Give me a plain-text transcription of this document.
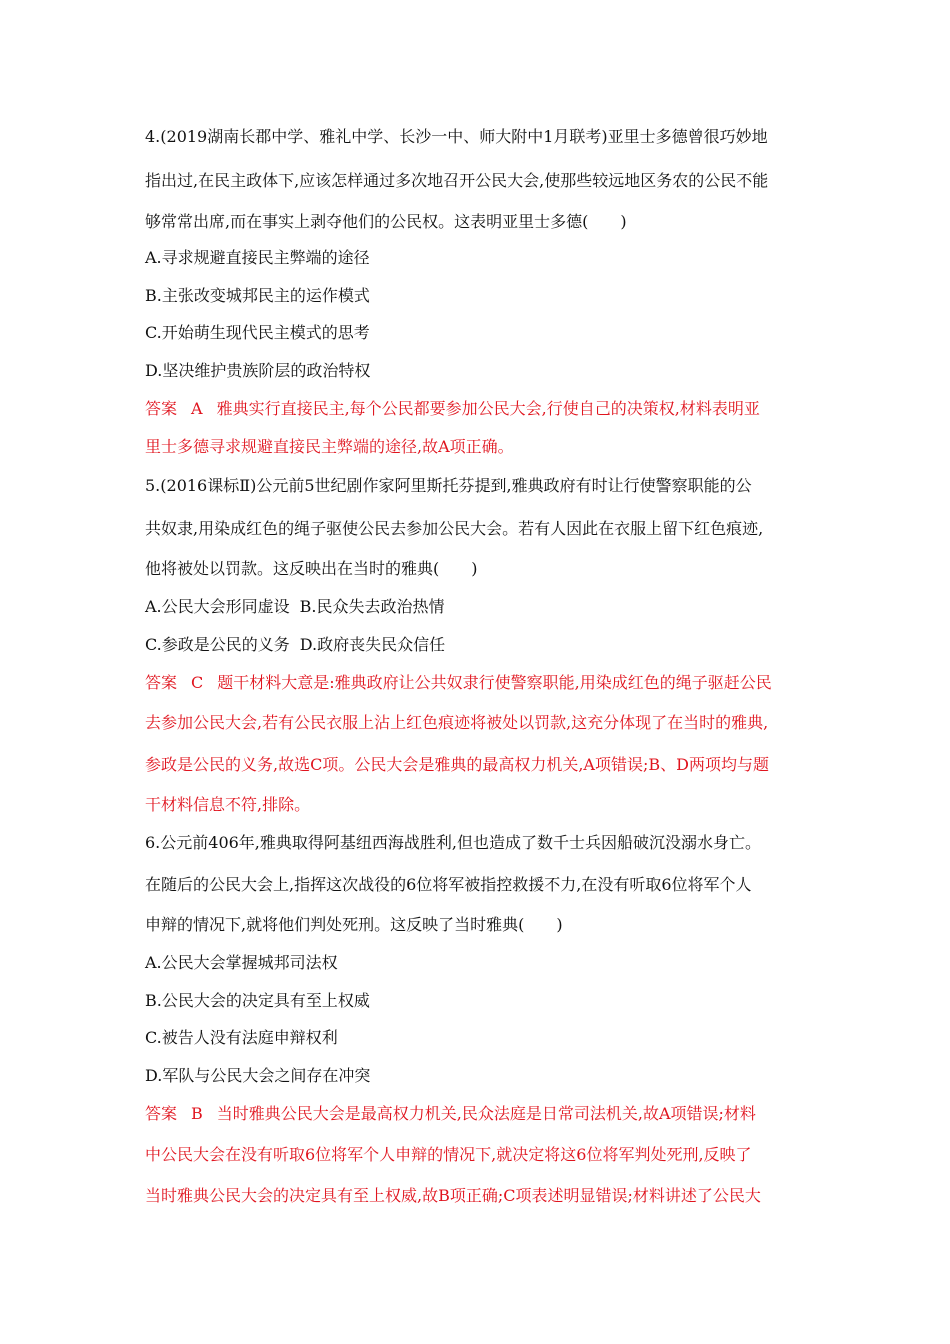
4.(2019湖南长郡中学、雅礼中学、长沙一中、师大附中1月联考)亚里士多德曾很巧妙地
指出过,在民主政体下,应该怎样通过多次地召开公民大会,使那些较远地区务农的公民不能
够常常出席,而在事实上剥夺他们的公民权。这表明亚里士多德(　　)
A.寻求规避直接民主弊端的途径
B.主张改变城邦民主的运作模式
C.开始萌生现代民主模式的思考
D.坚决维护贵族阶层的政治特权
答案 A 雅典实行直接民主,每个公民都要参加公民大会,行使自己的决策权,材料表明亚
里士多德寻求规避直接民主弊端的途径,故A项正确。
5.(2016课标Ⅱ)公元前5世纪剧作家阿里斯托芬提到,雅典政府有时让行使警察职能的公
共奴隶,用染成红色的绳子驱使公民去参加公民大会。若有人因此在衣服上留下红色痕迹,
他将被处以罚款。这反映出在当时的雅典(　　)
A.公民大会形同虚设 B.民众失去政治热情
C.参政是公民的义务 D.政府丧失民众信任
答案 C 题干材料大意是:雅典政府让公共奴隶行使警察职能,用染成红色的绳子驱赶公民
去参加公民大会,若有公民衣服上沾上红色痕迹将被处以罚款,这充分体现了在当时的雅典,
参政是公民的义务,故选C项。公民大会是雅典的最高权力机关,A项错误;B、D两项均与题
干材料信息不符,排除。
6.公元前406年,雅典取得阿基纽西海战胜利,但也造成了数千士兵因船破沉没溺水身亡。
在随后的公民大会上,指挥这次战役的6位将军被指控救援不力,在没有听取6位将军个人
申辩的情况下,就将他们判处死刑。这反映了当时雅典(　　)
A.公民大会掌握城邦司法权
B.公民大会的决定具有至上权威
C.被告人没有法庭申辩权利
D.军队与公民大会之间存在冲突
答案 B 当时雅典公民大会是最高权力机关,民众法庭是日常司法机关,故A项错误;材料
中公民大会在没有听取6位将军个人申辩的情况下,就决定将这6位将军判处死刑,反映了
当时雅典公民大会的决定具有至上权威,故B项正确;C项表述明显错误;材料讲述了公民大
